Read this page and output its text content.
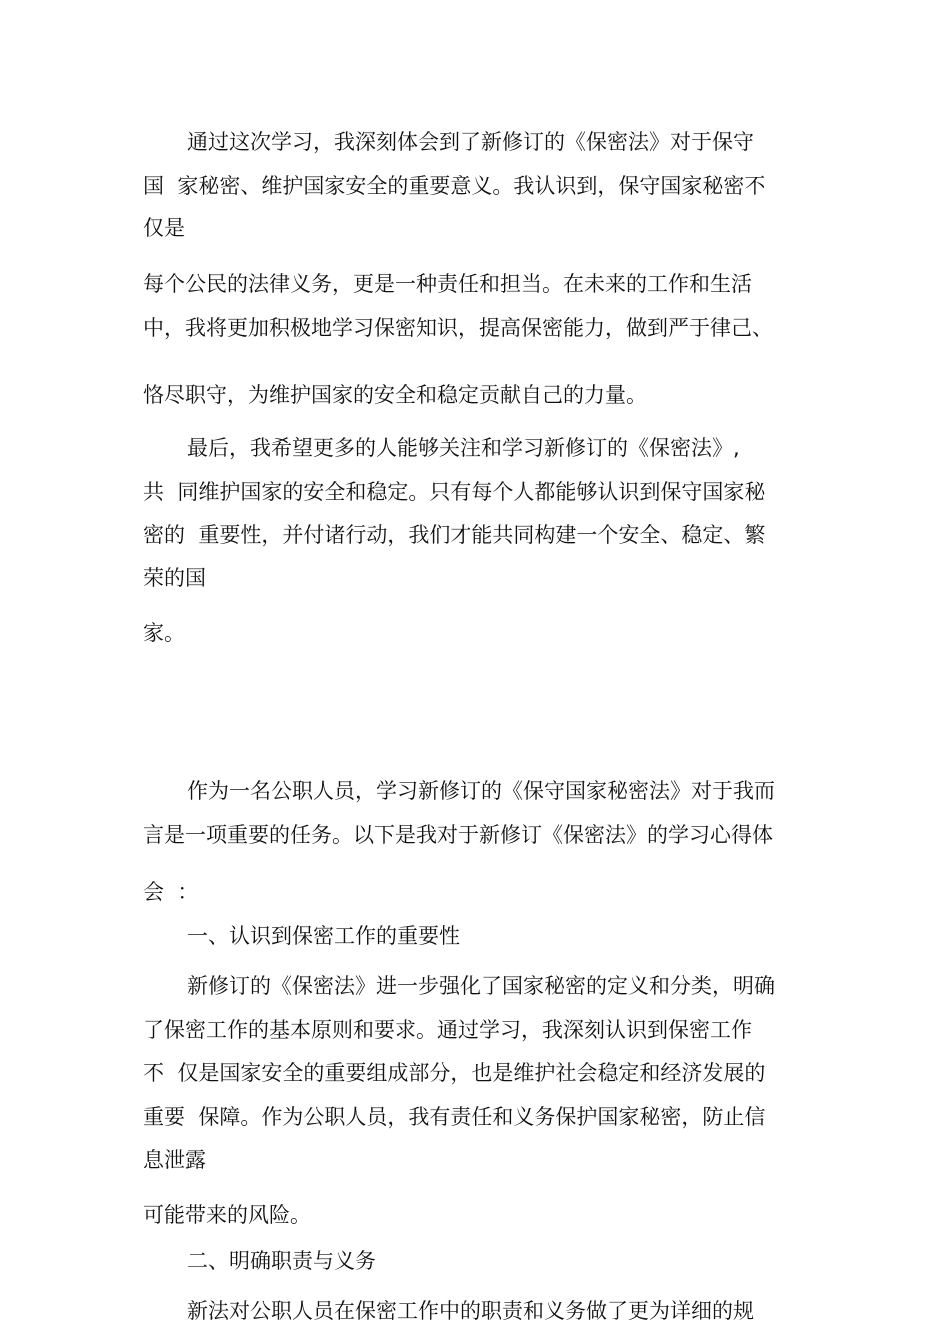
通过这次学习，我深刻体会到了新修订的《保密法》对于保守

国  家秘密、维护国家安全的重要意义。我认识到，保守国家秘密不

仅是

每个公民的法律义务，更是一种责任和担当。在未来的工作和生活

中，我将更加积极地学习保密知识，提高保密能力，做到严于律己、

恪尽职守，为维护国家的安全和稳定贡献自己的力量。

最后，我希望更多的人能够关注和学习新修订的《保密法》,

共  同维护国家的安全和稳定。只有每个人都能够认识到保守国家秘

密的  重要性，并付诸行动，我们才能共同构建一个安全、稳定、繁

荣的国

家。

作为一名公职人员，学习新修订的《保守国家秘密法》对于我而

言是一项重要的任务。以下是我对于新修订《保密法》的学习心得体

会  ：

一、认识到保密工作的重要性

新修订的《保密法》进一步强化了国家秘密的定义和分类，明确

了保密工作的基本原则和要求。通过学习，我深刻认识到保密工作

不  仅是国家安全的重要组成部分，也是维护社会稳定和经济发展的

重要  保障。作为公职人员，我有责任和义务保护国家秘密，防止信

息泄露

可能带来的风险。

二、明确职责与义务

新法对公职人员在保密工作中的职责和义务做了更为详细的规
